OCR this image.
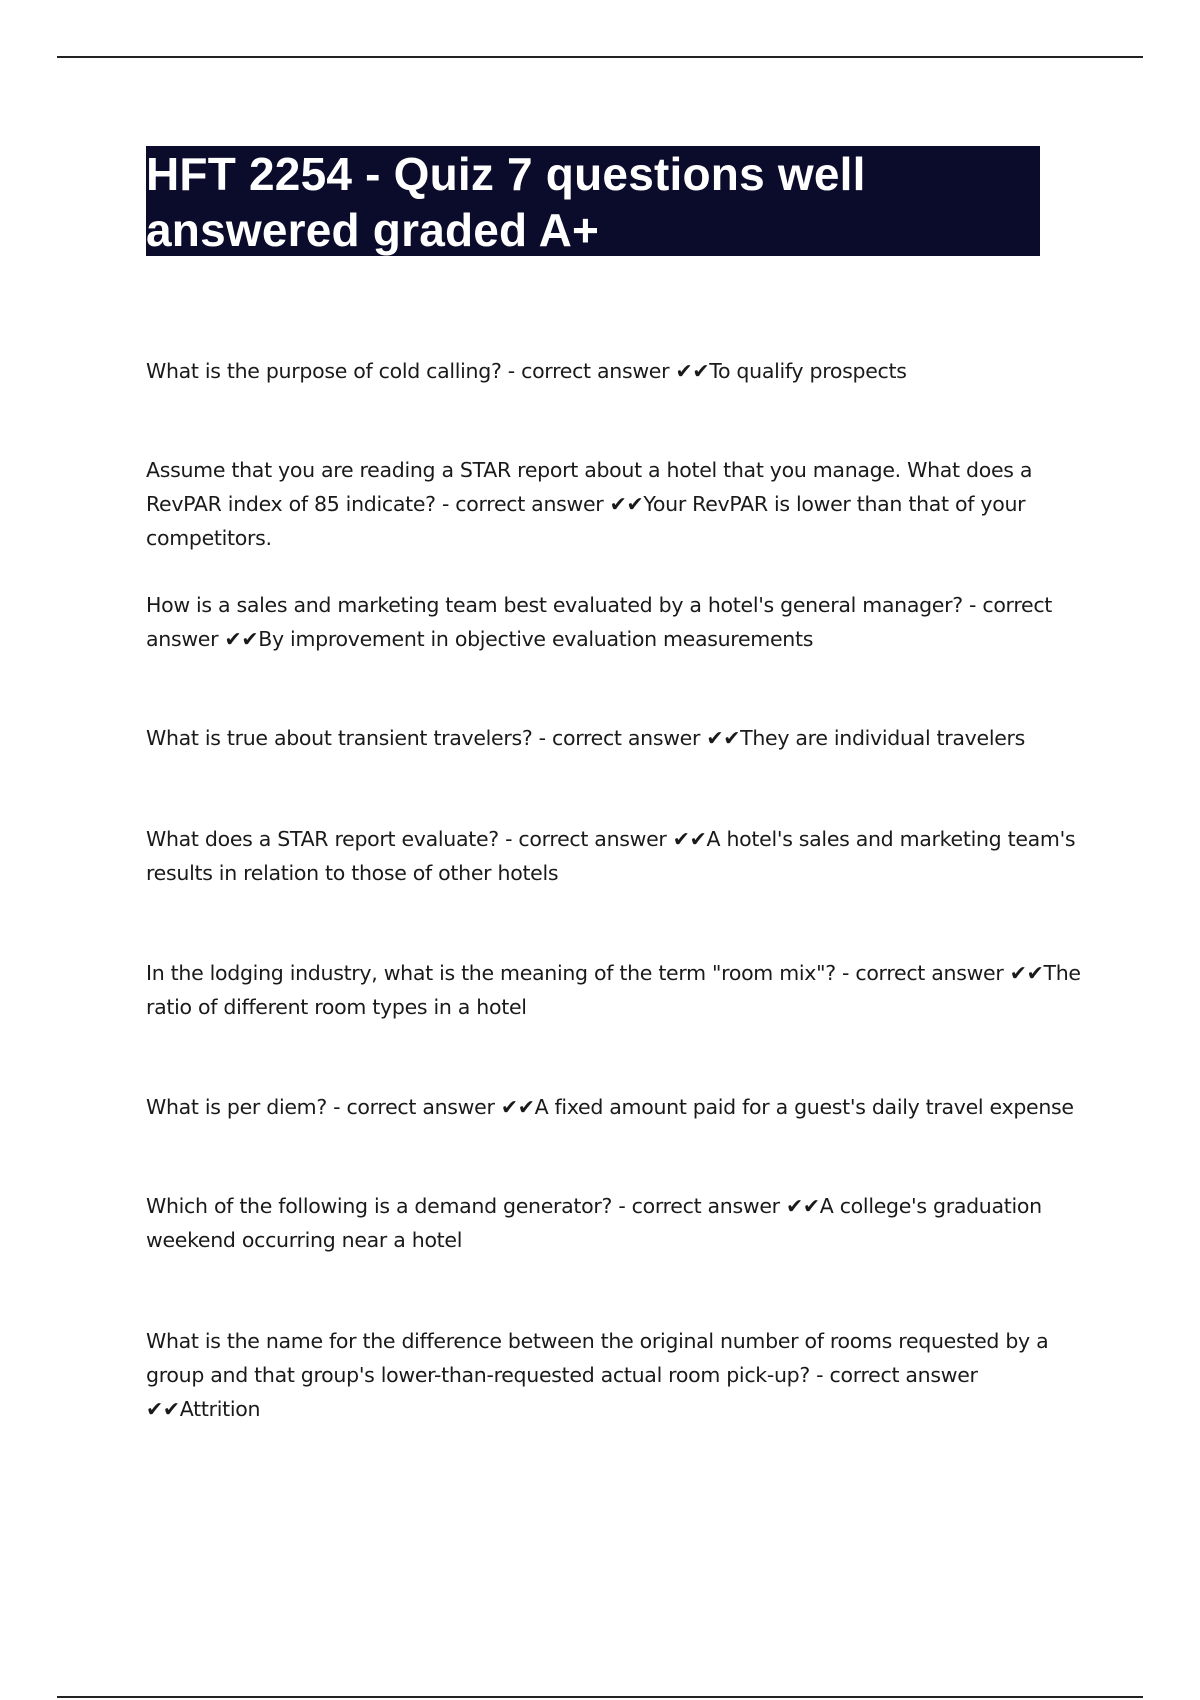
HFT 2254 - Quiz 7 questions well answered graded A+

What is the purpose of cold calling? - correct answer ✔✔To qualify prospects

Assume that you are reading a STAR report about a hotel that you manage. What does a RevPAR index of 85 indicate? - correct answer ✔✔Your RevPAR is lower than that of your competitors.

How is a sales and marketing team best evaluated by a hotel's general manager? - correct answer ✔✔By improvement in objective evaluation measurements

What is true about transient travelers? - correct answer ✔✔They are individual travelers

What does a STAR report evaluate? - correct answer ✔✔A hotel's sales and marketing team's results in relation to those of other hotels

In the lodging industry, what is the meaning of the term "room mix"? - correct answer ✔✔The ratio of different room types in a hotel

What is per diem? - correct answer ✔✔A fixed amount paid for a guest's daily travel expense

Which of the following is a demand generator? - correct answer ✔✔A college's graduation weekend occurring near a hotel

What is the name for the difference between the original number of rooms requested by a group and that group's lower-than-requested actual room pick-up? - correct answer ✔✔Attrition
